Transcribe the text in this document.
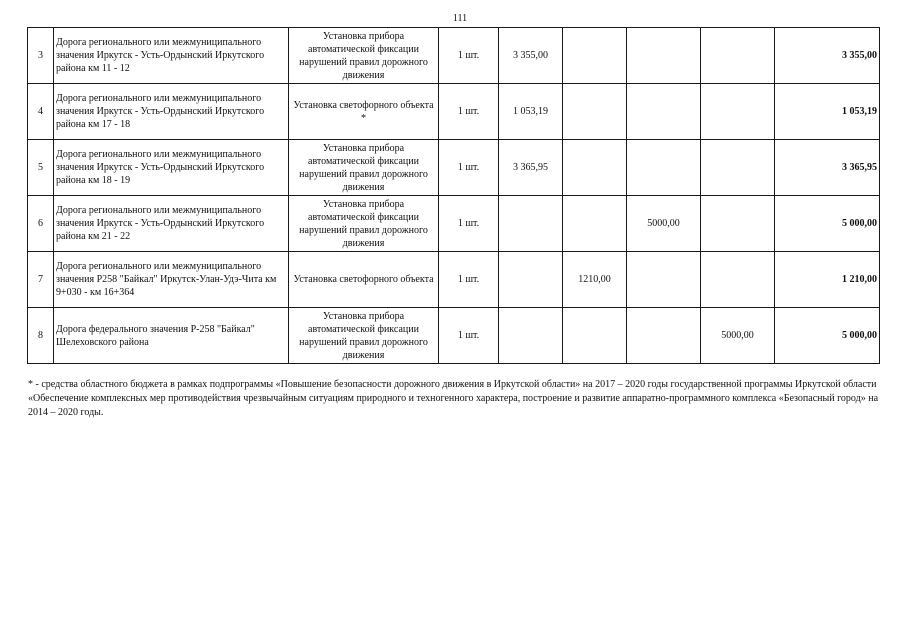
111
3	Дорога регионального или межмуниципального значения Иркутск - Усть-Ордынский Иркутского района км 11 - 12	Установка прибора автоматической фиксации нарушений правил дорожного движения	1 шт.	3 355,00				3 355,00
4	Дорога регионального или межмуниципального значения Иркутск - Усть-Ордынский Иркутского района км 17 - 18	Установка светофорного объекта *	1 шт.	1 053,19				1 053,19
5	Дорога регионального или межмуниципального значения Иркутск - Усть-Ордынский Иркутского района км 18 - 19	Установка прибора автоматической фиксации нарушений правил дорожного движения	1 шт.	3 365,95				3 365,95
6	Дорога регионального или межмуниципального значения Иркутск - Усть-Ордынский Иркутского района км 21 - 22	Установка прибора автоматической фиксации нарушений правил дорожного движения	1 шт.			5000,00		5 000,00
7	Дорога регионального или межмуниципального значения Р258 "Байкал" Иркутск-Улан-Удэ-Чита км 9+030 - км 16+364	Установка светофорного объекта	1 шт.		1210,00			1 210,00
8	Дорога федерального значения Р-258 "Байкал" Шелеховского района	Установка прибора автоматической фиксации нарушений правил дорожного движения	1 шт.				5000,00	5 000,00
* - средства областного бюджета в рамках подпрограммы «Повышение безопасности дорожного движения в Иркутской области» на 2017 – 2020 годы государственной программы Иркутской области «Обеспечение комплексных мер противодействия чрезвычайным ситуациям природного и техногенного характера, построение и развитие аппаратно-программного комплекса «Безопасный город» на 2014 – 2020 годы.
